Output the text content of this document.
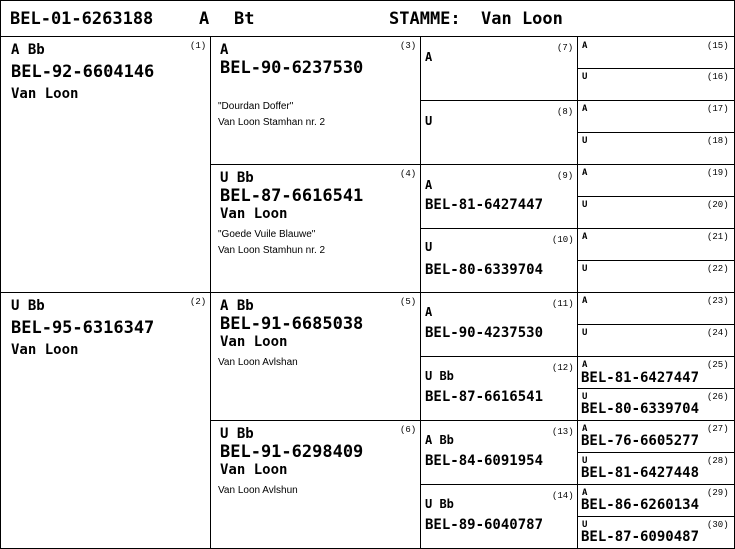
BEL-01-6263188	A Bt	STAMME: Van Loon
(1)
A Bb
BEL-92-6604146
Van Loon
(2)
U Bb
BEL-95-6316347
Van Loon
(3)
A
BEL-90-6237530
"Dourdan Doffer"
Van Loon Stamhan nr. 2
(4)
U Bb
BEL-87-6616541
Van Loon
"Goede Vuile Blauwe"
Van Loon Stamhun nr. 2
(5)
A Bb
BEL-91-6685038
Van Loon
Van Loon Avlshan
(6)
U Bb
BEL-91-6298409
Van Loon
Van Loon Avlshun
(7)
A
(8)
U
(9)
A
BEL-81-6427447
(10)
U
BEL-80-6339704
(11)
A
BEL-90-4237530
(12)
U Bb
BEL-87-6616541
(13)
A Bb
BEL-84-6091954
(14)
U Bb
BEL-89-6040787
(15)
A
(16)
U
(17)
A
(18)
U
(19)
A
(20)
U
(21)
A
(22)
U
(23)
A
(24)
U
(25)
A
BEL-81-6427447
(26)
U
BEL-80-6339704
(27)
A
BEL-76-6605277
(28)
U
BEL-81-6427448
(29)
A
BEL-86-6260134
(30)
U
BEL-87-6090487
